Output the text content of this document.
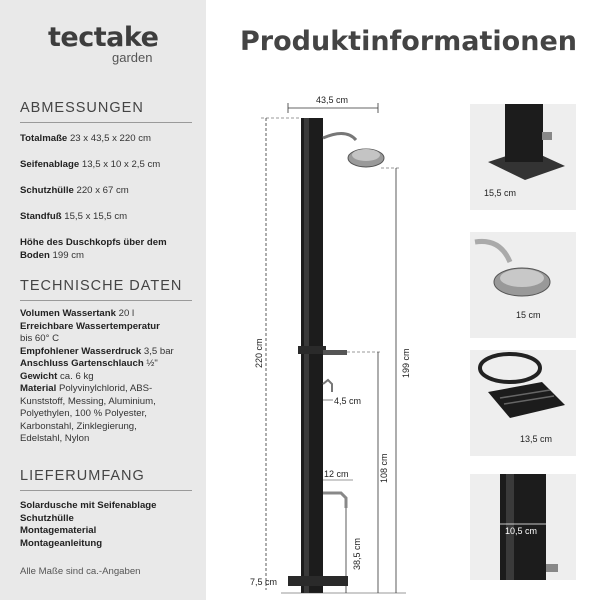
tectake
garden
ABMESSUNGEN
Totalmaße 23 x 43,5 x 220 cm
Seifenablage 13,5 x 10 x 2,5 cm
Schutzhülle 220 x 67 cm
Standfuß 15,5 x 15,5 cm
Höhe des Duschkopfs über dem
Boden 199 cm
TECHNISCHE DATEN
Volumen Wassertank 20 l
Erreichbare Wassertemperatur
bis 60° C
Empfohlener Wasserdruck 3,5 bar
Anschluss Gartenschlauch ½"
Gewicht ca. 6 kg
Material Polyvinylchlorid, ABS-
Kunststoff, Messing, Aluminium,
Polyethylen, 100 % Polyester,
Karbonstahl, Zinklegierung,
Edelstahl, Nylon
LIEFERUMFANG
Solardusche mit Seifenablage
Schutzhülle
Montagematerial
Montageanleitung
Alle Maße sind ca.-Angaben
Produktinformationen
43,5 cm
220 cm	199 cm
108 cm
4,5 cm
12 cm
38,5 cm
7,5 cm
15,5 cm
15 cm
13,5 cm
10,5 cm
